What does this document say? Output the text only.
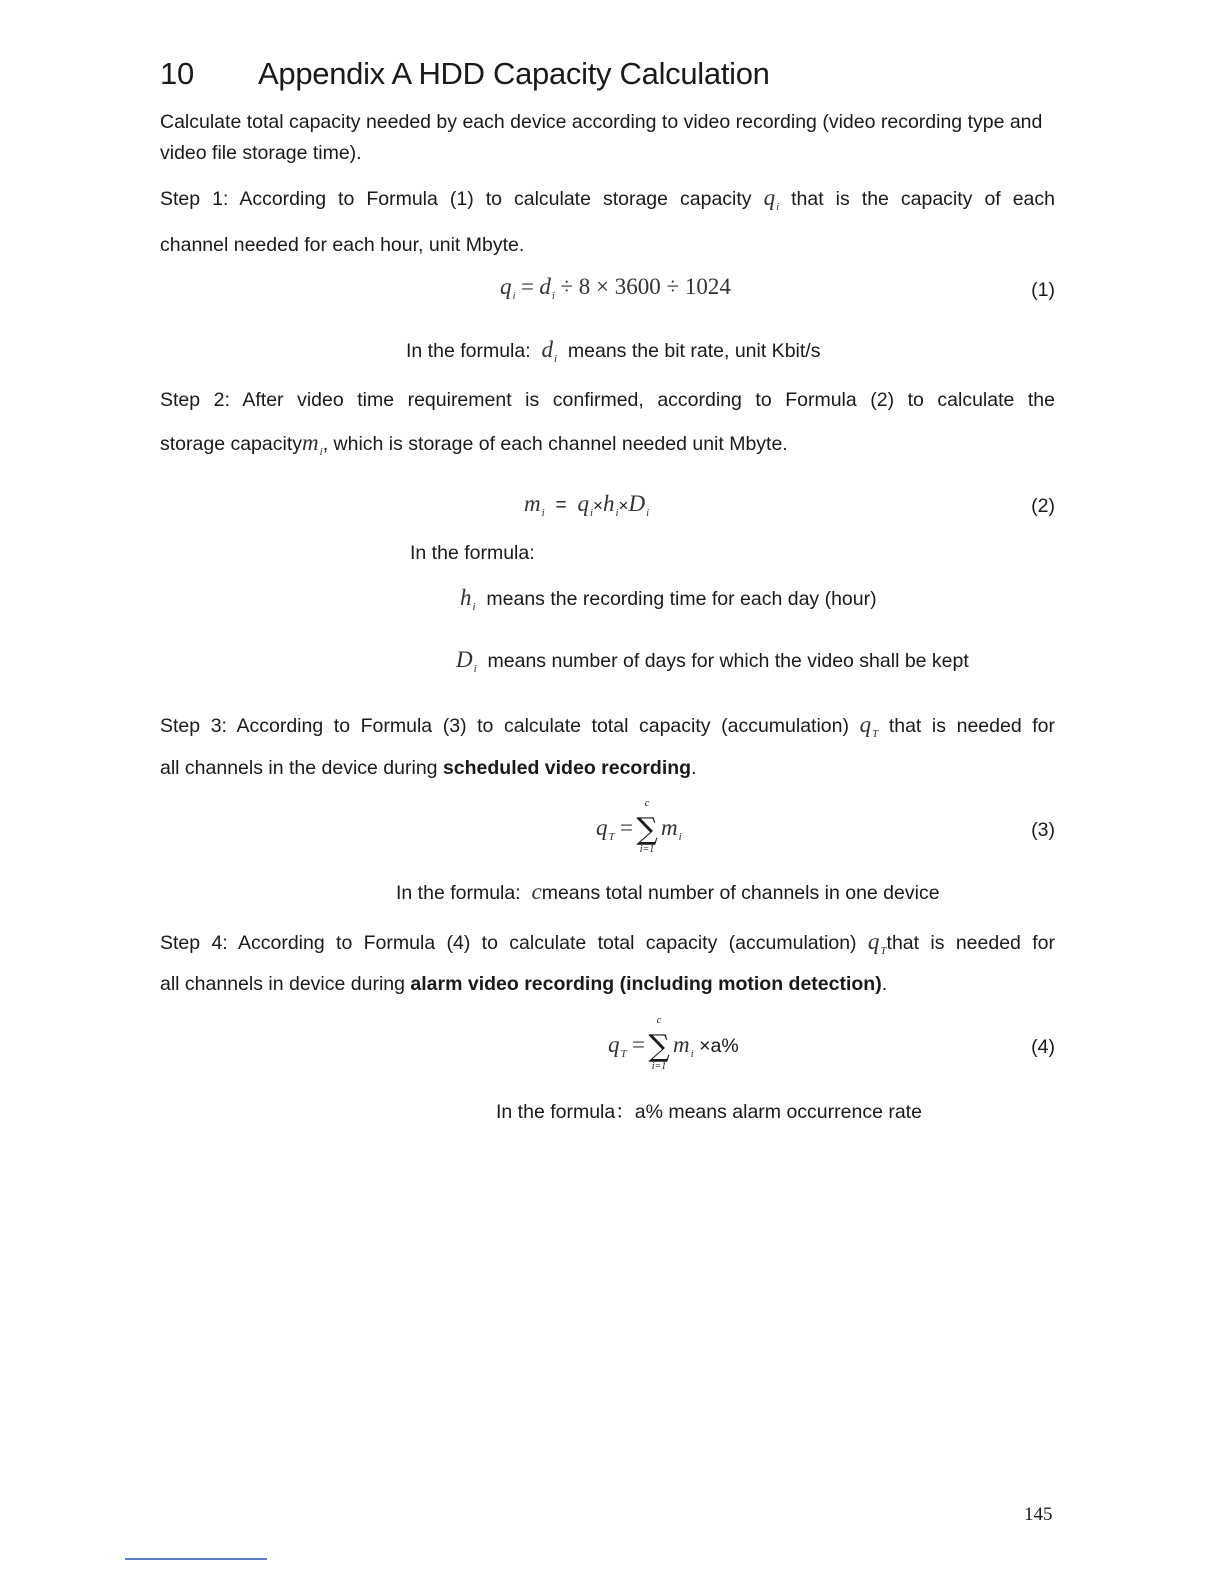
10 Appendix A HDD Capacity Calculation
Calculate total capacity needed by each device according to video recording (video recording type and video file storage time).
Step 1: According to Formula (1) to calculate storage capacity $q_i$ that is the capacity of each
channel needed for each hour, unit Mbyte.
$q_i = d_i \div 8 \times 3600 \div 1024$	(1)
In the formula: $d_i$ means the bit rate, unit Kbit/s
Step 2: After video time requirement is confirmed, according to Formula (2) to calculate the
storage capacitym$_i$, which is storage of each channel needed unit Mbyte.
$m_i = q_i\times h_i\times D_i$	(2)
In the formula:
$h_i$ means the recording time for each day (hour)
$D_i$ means number of days for which the video shall be kept
Step 3: According to Formula (3) to calculate total capacity (accumulation) $q_T$ that is needed for
all channels in the device during scheduled video recording.
$q_T$ = ∑
c
i=1
$m_i$	(3)
In the formula: cmeans total number of channels in one device
Step 4: According to Formula (4) to calculate total capacity (accumulation) $q_Tthat$ is needed for
all channels in device during alarm video recording (including motion detection).
$q_T$ = ∑
c
i=1
$m_i \times a\%$	(4)
In the formula：a% means alarm occurrence rate
145
